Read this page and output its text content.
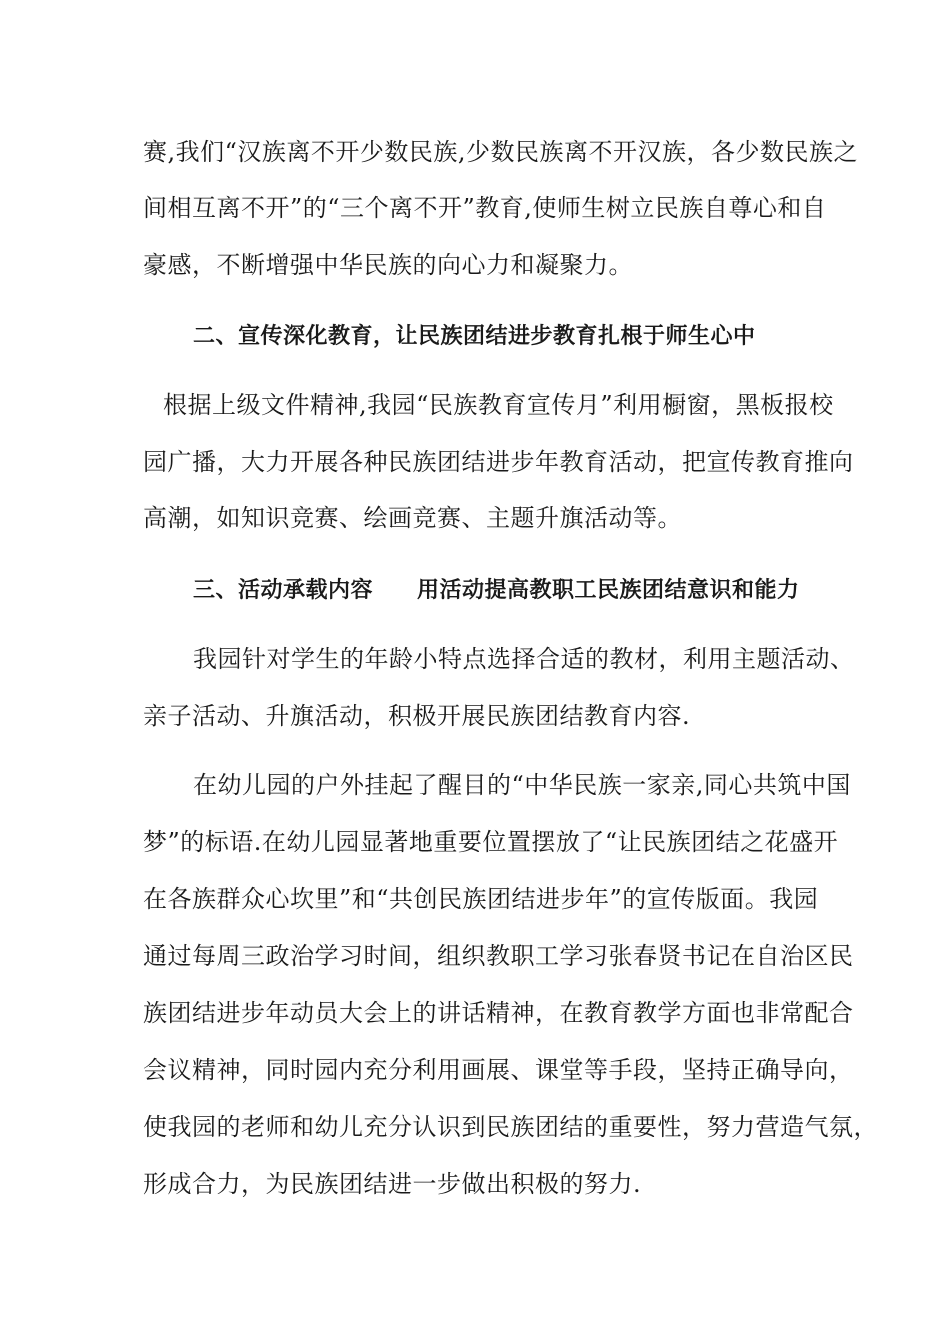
赛,我们“汉族离不开少数民族,少数民族离不开汉族，各少数民族之
间相互离不开”的“三个离不开”教育,使师生树立民族自尊心和自
豪感，不断增强中华民族的向心力和凝聚力。
二、宣传深化教育，让民族团结进步教育扎根于师生心中
根据上级文件精神,我园“民族教育宣传月”利用橱窗，黑板报校
园广播，大力开展各种民族团结进步年教育活动，把宣传教育推向
高潮，如知识竞赛、绘画竞赛、主题升旗活动等。
三、活动承载内容 用活动提高教职工民族团结意识和能力
我园针对学生的年龄小特点选择合适的教材，利用主题活动、
亲子活动、升旗活动，积极开展民族团结教育内容.
在幼儿园的户外挂起了醒目的“中华民族一家亲,同心共筑中国
梦”的标语.在幼儿园显著地重要位置摆放了“让民族团结之花盛开
在各族群众心坎里”和“共创民族团结进步年”的宣传版面。我园
通过每周三政治学习时间，组织教职工学习张春贤书记在自治区民
族团结进步年动员大会上的讲话精神，在教育教学方面也非常配合
会议精神，同时园内充分利用画展、课堂等手段，坚持正确导向，
使我园的老师和幼儿充分认识到民族团结的重要性，努力营造气氛，
形成合力，为民族团结进一步做出积极的努力.
